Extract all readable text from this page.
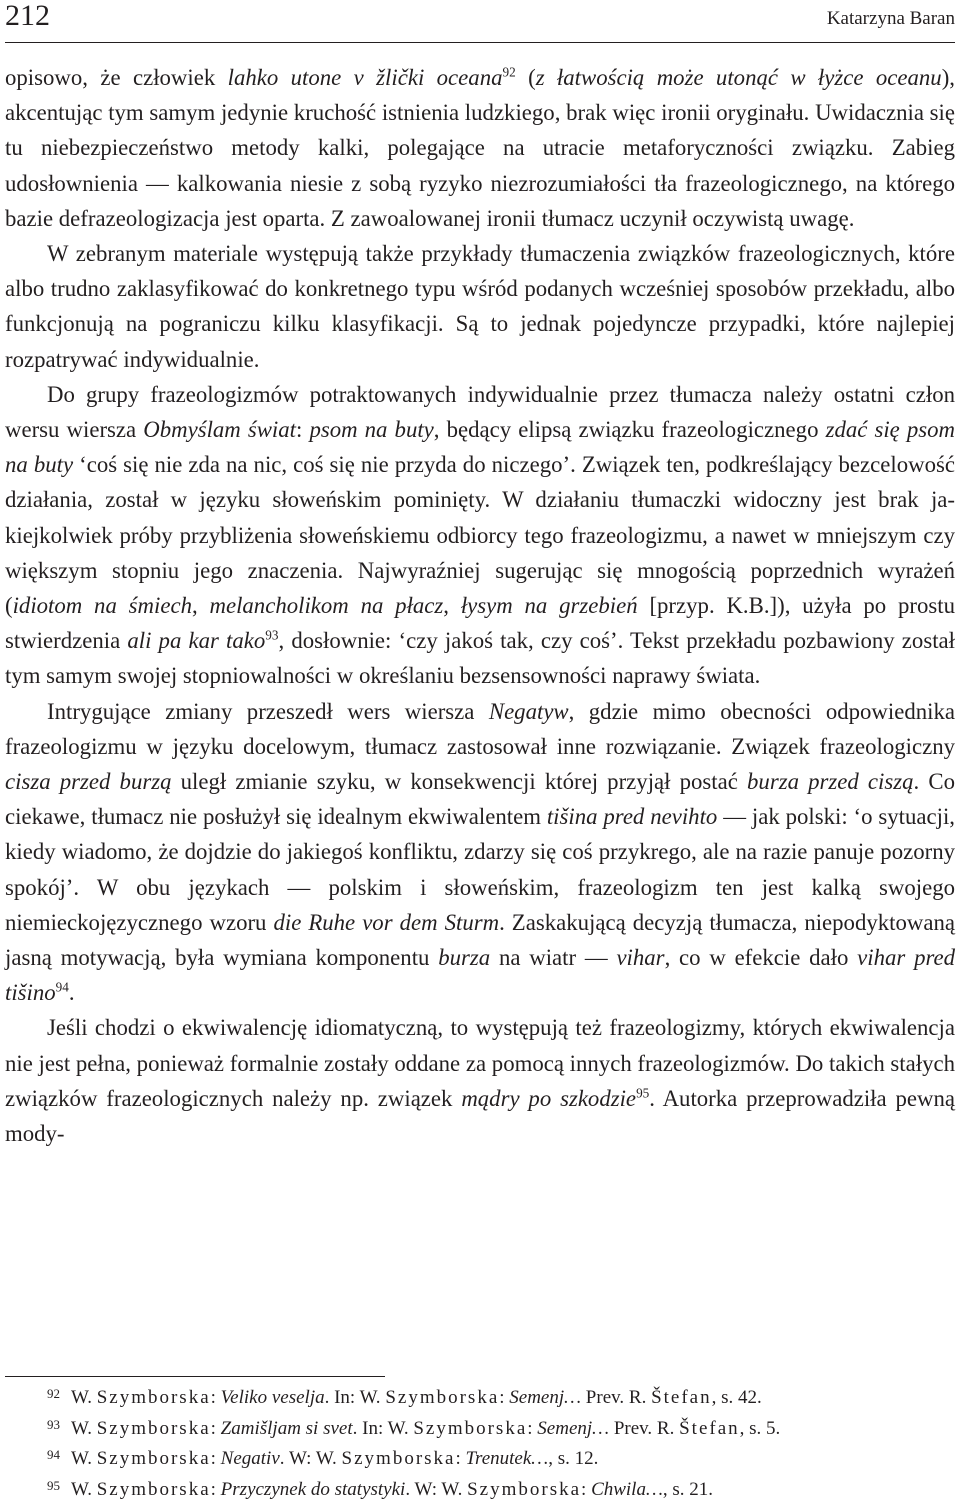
212	Katarzyna Baran

opisowo, że człowiek lahko utone v žlički oceana$^{92}$ (z łatwością może utonąć w łyżce oceanu), akcentując tym samym jedynie kruchość istnienia ludzkiego, brak więc ironii oryginału. Uwidacznia się tu niebezpieczeństwo metody kalki, polegające na utracie metaforyczności związku. Zabieg udosłownienia — kalkowania niesie z sobą ryzyko niezrozumiałości tła frazeologicznego, na którego bazie defrazeologizacja jest oparta. Z zawoalowanej ironii tłumacz uczynił oczywistą uwagę.

W zebranym materiale występują także przykłady tłumaczenia związków frazeologicznych, które albo trudno zaklasyfikować do konkretnego typu wśród podanych wcześniej sposobów przekładu, albo funkcjonują na pograniczu kilku klasyfikacji. Są to jednak pojedyncze przypadki, które najlepiej rozpatrywać indywidualnie.

Do grupy frazeologizmów potraktowanych indywidualnie przez tłumacza należy ostatni człon wersu wiersza Obmyślam świat: psom na buty, będący elipsą związku frazeologicznego zdać się psom na buty ‘coś się nie zda na nic, coś się nie przyda do niczego’. Związek ten, podkreślający bezcelowość działania, został w języku słoweńskim pominięty. W działaniu tłumaczki widoczny jest brak jakiejkolwiek próby przybliżenia słoweńskiemu odbiorcy tego frazeologizmu, a nawet w mniejszym czy większym stopniu jego znaczenia. Najwyraźniej sugerując się mnogością poprzednich wyrażeń (idiotom na śmiech, melancholikom na płacz, łysym na grzebień [przyp. K.B.]), użyła po prostu stwierdzenia ali pa kar tako$^{93}$, dosłownie: ‘czy jakoś tak, czy coś’. Tekst przekładu pozbawiony został tym samym swojej stopniowalności w określaniu bezsensowności naprawy świata.

Intrygujące zmiany przeszedł wers wiersza Negatyw, gdzie mimo obecności odpowiednika frazeologizmu w języku docelowym, tłumacz zastosował inne rozwiązanie. Związek frazeologiczny cisza przed burzą uległ zmianie szyku, w konsekwencji której przyjął postać burza przed ciszą. Co ciekawe, tłumacz nie posłużył się idealnym ekwiwalentem tišina pred nevihto — jak polski: ‘o sytuacji, kiedy wiadomo, że dojdzie do jakiegoś konfliktu, zdarzy się coś przykrego, ale na razie panuje pozorny spokój’. W obu językach — polskim i słoweńskim, frazeologizm ten jest kalką swojego niemieckojęzycznego wzoru die Ruhe vor dem Sturm. Zaskakującą decyzją tłumacza, niepodyktowaną jasną motywacją, była wymiana komponentu burza na wiatr — vihar, co w efekcie dało vihar pred tišino$^{94}$.

Jeśli chodzi o ekwiwalencję idiomatyczną, to występują też frazeologizmy, których ekwiwalencja nie jest pełna, ponieważ formalnie zostały oddane za pomocą innych frazeologizmów. Do takich stałych związków frazeologicznych należy np. związek mądry po szkodzie$^{95}$. Autorka przeprowadziła pewną mody-

92 W. Szymborska: Veliko veselja. In: W. Szymborska: Semenj… Prev. R. Štefan, s. 42.
93 W. Szymborska: Zamišljam si svet. In: W. Szymborska: Semenj… Prev. R. Štefan, s. 5.
94 W. Szymborska: Negativ. W: W. Szymborska: Trenutek…, s. 12.
95 W. Szymborska: Przyczynek do statystyki. W: W. Szymborska: Chwila…, s. 21.
